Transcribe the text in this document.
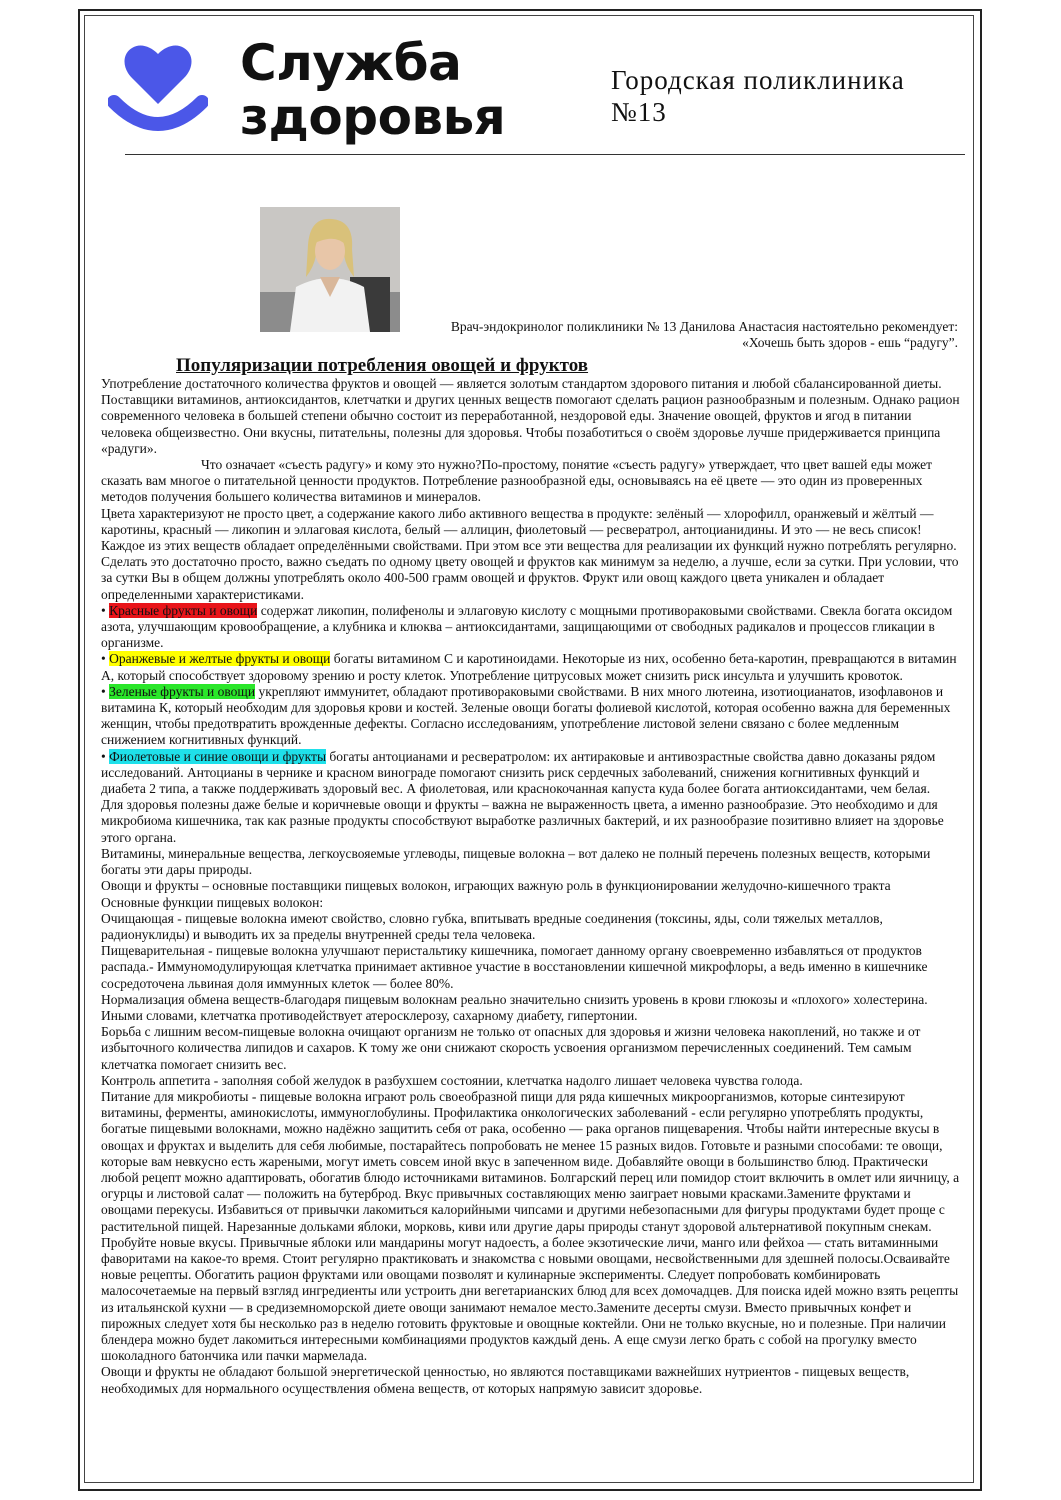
Служба
здоровья
Городская поликлиника
№13
Врач-эндокринолог поликлиники № 13 Данилова Анастасия настоятельно рекомендует:
«Хочешь быть здоров - ешь “радугу”.
Популяризации потребления овощей и фруктов

Употребление достаточного количества фруктов и овощей — является золотым стандартом здорового питания и любой сбалансированной диеты. Поставщики витаминов, антиоксидантов, клетчатки и других ценных веществ помогают сделать рацион разнообразным и полезным. Однако рацион современного человека в большей степени обычно состоит из переработанной, нездоровой еды. Значение овощей, фруктов и ягод в питании человека общеизвестно. Они вкусны, питательны, полезны для здоровья. Чтобы позаботиться о своём здоровье лучше придерживается принципа «радуги».

Что означает «съесть радугу» и кому это нужно?По-простому, понятие «съесть радугу» утверждает, что цвет вашей еды может сказать вам многое о питательной ценности продуктов. Потребление разнообразной еды, основываясь на её цвете — это один из проверенных методов получения большего количества витаминов и минералов.

Цвета характеризуют не просто цвет, а содержание какого либо активного вещества в продукте: зелёный — хлорофилл, оранжевый и жёлтый — каротины, красный — ликопин и эллаговая кислота, белый — аллицин, фиолетовый — ресвератрол, антоцианидины. И это — не весь список!

Каждое из этих веществ обладает определёнными свойствами. При этом все эти вещества для реализации их функций нужно потреблять регулярно. Сделать это достаточно просто, важно съедать по одному цвету овощей и фруктов как минимум за неделю, а лучше, если за сутки. При условии, что за сутки Вы в общем должны употреблять около 400-500 грамм овощей и фруктов. Фрукт или овощ каждого цвета уникален и обладает определенными характеристиками.

• Красные фрукты и овощи содержат ликопин, полифенолы и эллаговую кислоту с мощными противораковыми свойствами. Свекла богата оксидом азота, улучшающим кровообращение, а клубника и клюква – антиоксидантами, защищающими от свободных радикалов и процессов гликации в организме.

• Оранжевые и желтые фрукты и овощи богаты витамином С и каротиноидами. Некоторые из них, особенно бета-каротин, превращаются в витамин А, который способствует здоровому зрению и росту клеток. Употребление цитрусовых может снизить риск инсульта и улучшить кровоток.

• Зеленые фрукты и овощи укрепляют иммунитет, обладают противораковыми свойствами. В них много лютеина, изотиоцианатов, изофлавонов и витамина К, который необходим для здоровья крови и костей. Зеленые овощи богаты фолиевой кислотой, которая особенно важна для беременных женщин, чтобы предотвратить врожденные дефекты. Согласно исследованиям, употребление листовой зелени связано с более медленным снижением когнитивных функций.

• Фиолетовые и синие овощи и фрукты богаты антоцианами и ресвератролом: их антираковые и антивозрастные свойства давно доказаны рядом исследований. Антоцианы в чернике и красном винограде помогают снизить риск сердечных заболеваний, снижения когнитивных функций и диабета 2 типа, а также поддерживать здоровый вес. А фиолетовая, или краснокочанная капуста куда более богата антиоксидантами, чем белая.

Для здоровья полезны даже белые и коричневые овощи и фрукты – важна не выраженность цвета, а именно разнообразие. Это необходимо и для микробиома кишечника, так как разные продукты способствуют выработке различных бактерий, и их разнообразие позитивно влияет на здоровье этого органа.

Витамины, минеральные вещества, легкоусвояемые углеводы, пищевые волокна – вот далеко не полный перечень полезных веществ, которыми богаты эти дары природы.

Овощи и фрукты – основные поставщики пищевых волокон, играющих важную роль в функционировании желудочно-кишечного тракта

Основные функции пищевых волокон:

Очищающая - пищевые волокна имеют свойство, словно губка, впитывать вредные соединения (токсины, яды, соли тяжелых металлов, радионуклиды) и выводить их за пределы внутренней среды тела человека.

Пищеварительная - пищевые волокна улучшают перистальтику кишечника, помогает данному органу своевременно избавляться от продуктов распада.- Иммуномодулирующая клетчатка принимает активное участие в восстановлении кишечной микрофлоры, а ведь именно в кишечнике сосредоточена львиная доля иммунных клеток — более 80%.

Нормализация обмена веществ-благодаря пищевым волокнам реально значительно снизить уровень в крови глюкозы и «плохого» холестерина. Иными словами, клетчатка противодействует атеросклерозу, сахарному диабету, гипертонии.

Борьба с лишним весом-пищевые волокна очищают организм не только от опасных для здоровья и жизни человека накоплений, но также и от избыточного количества липидов и сахаров. К тому же они снижают скорость усвоения организмом перечисленных соединений. Тем самым клетчатка помогает снизить вес.

Контроль аппетита - заполняя собой желудок в разбухшем состоянии, клетчатка надолго лишает человека чувства голода.

Питание для микробиоты - пищевые волокна играют роль своеобразной пищи для ряда кишечных микроорганизмов, которые синтезируют витамины, ферменты, аминокислоты, иммуноглобулины. Профилактика онкологических заболеваний - если регулярно употреблять продукты, богатые пищевыми волокнами, можно надёжно защитить себя от рака, особенно — рака органов пищеварения. Чтобы найти интересные вкусы в овощах и фруктах и выделить для себя любимые, постарайтесь попробовать не менее 15 разных видов. Готовьте и разными способами: те овощи, которые вам невкусно есть жареными, могут иметь совсем иной вкус в запеченном виде. Добавляйте овощи в большинство блюд. Практически любой рецепт можно адаптировать, обогатив блюдо источниками витаминов. Болгарский перец или помидор стоит включить в омлет или яичницу, а огурцы и листовой салат — положить на бутерброд. Вкус привычных составляющих меню заиграет новыми красками.Замените фруктами и овощами перекусы. Избавиться от привычки лакомиться калорийными чипсами и другими небезопасными для фигуры продуктами будет проще с растительной пищей. Нарезанные дольками яблоки, морковь, киви или другие дары природы станут здоровой альтернативой покупным снекам.

Пробуйте новые вкусы. Привычные яблоки или мандарины могут надоесть, а более экзотические личи, манго или фейхоа — стать витаминными фаворитами на какое-то время. Стоит регулярно практиковать и знакомства с новыми овощами, несвойственными для здешней полосы.Осваивайте новые рецепты. Обогатить рацион фруктами или овощами позволят и кулинарные эксперименты. Следует попробовать комбинировать малосочетаемые на первый взгляд ингредиенты или устроить дни вегетарианских блюд для всех домочадцев. Для поиска идей можно взять рецепты из итальянской кухни — в средиземноморской диете овощи занимают немалое место.Замените десерты смузи. Вместо привычных конфет и пирожных следует хотя бы несколько раз в неделю готовить фруктовые и овощные коктейли. Они не только вкусные, но и полезные. При наличии блендера можно будет лакомиться интересными комбинациями продуктов каждый день. А еще смузи легко брать с собой на прогулку вместо шоколадного батончика или пачки мармелада.

Овощи и фрукты не обладают большой энергетической ценностью, но являются поставщиками важнейших нутриентов - пищевых веществ, необходимых для нормального осуществления обмена веществ, от которых напрямую зависит здоровье.
